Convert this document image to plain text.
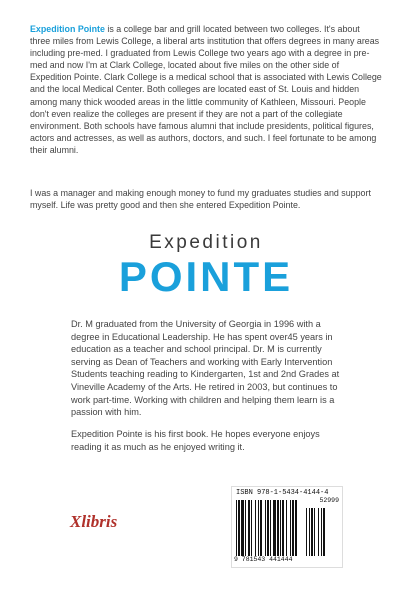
Expedition Pointe is a college bar and grill located between two colleges. It's about three miles from Lewis College, a liberal arts institution that offers degrees in many areas including pre-med. I graduated from Lewis College two years ago with a degree in pre-med and now I'm at Clark College, located about five miles on the other side of Expedition Pointe. Clark College is a medical school that is associated with Lewis College and the local Medical Center. Both colleges are located east of St. Louis and hidden among many thick wooded areas in the little community of Kathleen, Missouri. People don't even realize the colleges are present if they are not a part of the collegiate environment. Both schools have famous alumni that include presidents, political figures, actors and actresses, as well as authors, doctors, and such. I feel fortunate to be among their alumni.

I was a manager and making enough money to fund my graduates studies and support myself. Life was pretty good and then she entered Expedition Pointe.

Expedition
POINTE

Dr. M graduated from the University of Georgia in 1996 with a degree in Educational Leadership. He has spent over45 years in education as a teacher and school principal. Dr. M is currently serving as Dean of Teachers and working with Early Intervention Students teaching reading to Kindergarten, 1st and 2nd Grades at Vineville Academy of the Arts. He retired in 2003, but continues to work part-time. Working with children and helping them learn is a passion with him.

Expedition Pointe is his first book. He hopes everyone enjoys reading it as much as he enjoyed writing it.

Xlibris
ISBN 978-1-5434-4144-4
52999
9 781543 441444
